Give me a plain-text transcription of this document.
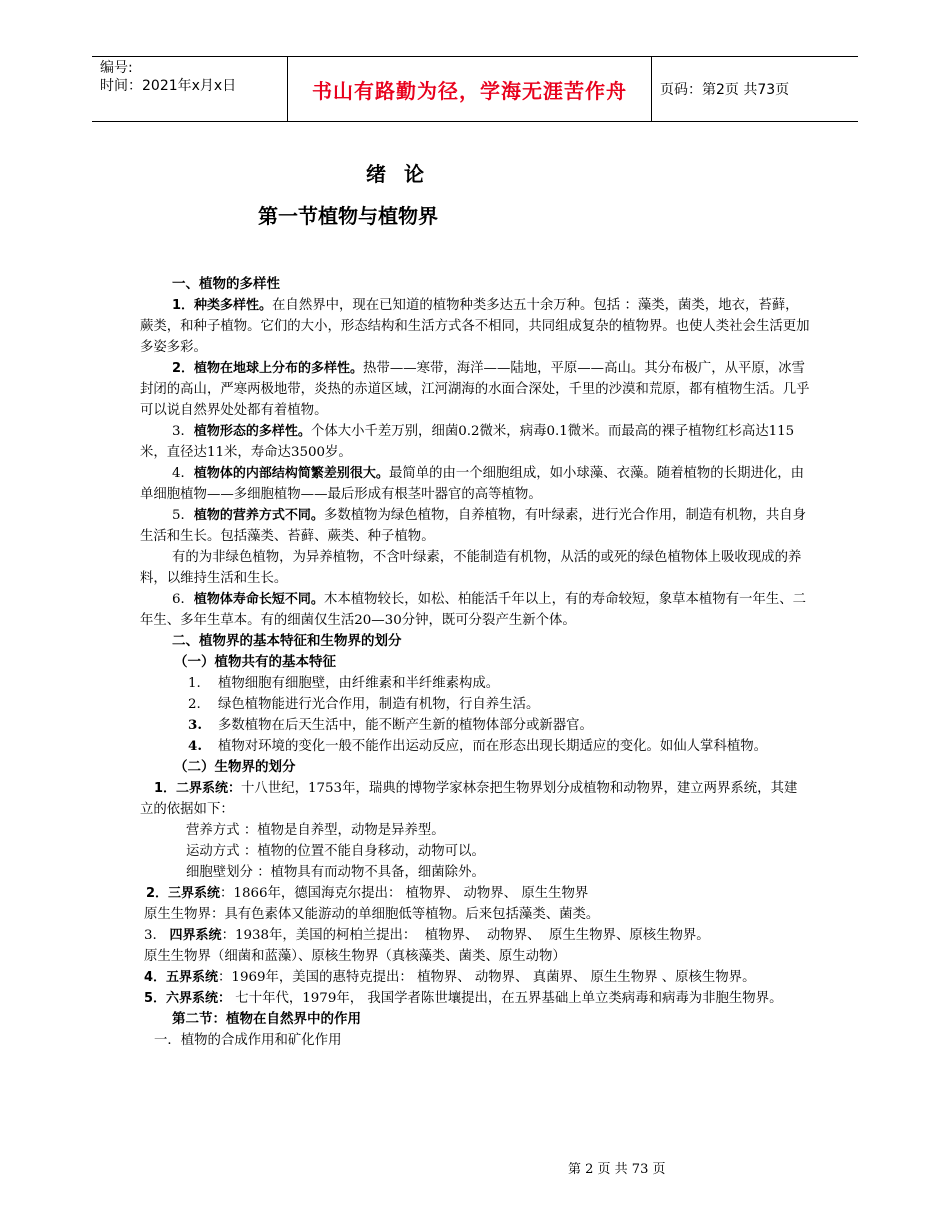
编号:
时间：2021年x月x日	书山有路勤为径，学海无涯苦作舟 页码：第2页 共73页
绪论
第一节植物与植物界

一、植物的多样性

1．种类多样性。在自然界中，现在已知道的植物种类多达五十余万种。包括 ：藻类，菌类，地衣，苔藓，蕨类，和种子植物。它们的大小，形态结构和生活方式各不相同，共同组成复杂的植物界。也使人类社会生活更加多姿多彩。

2．植物在地球上分布的多样性。热带——寒带，海洋——陆地，平原——高山。其分布极广，从平原，冰雪封闭的高山，严寒两极地带，炎热的赤道区域，江河湖海的水面合深处，千里的沙漠和荒原，都有植物生活。几乎可以说自然界处处都有着植物。

3．植物形态的多样性。个体大小千差万别，细菌0.2微米，病毒0.1微米。而最高的裸子植物红杉高达115米，直径达11米，寿命达3500岁。

4．植物体的内部结构简繁差别很大。最简单的由一个细胞组成，如小球藻、衣藻。随着植物的长期进化，由单细胞植物——多细胞植物——最后形成有根茎叶器官的高等植物。

5．植物的营养方式不同。多数植物为绿色植物，自养植物，有叶绿素，进行光合作用，制造有机物，共自身生活和生长。包括藻类、苔藓、蕨类、种子植物。

有的为非绿色植物，为异养植物，不含叶绿素，不能制造有机物，从活的或死的绿色植物体上吸收现成的养料，以维持生活和生长。

6．植物体寿命长短不同。木本植物较长，如松、柏能活千年以上，有的寿命较短，象草本植物有一年生、二年生、多年生草本。有的细菌仅生活20—30分钟，既可分裂产生新个体。

二、植物界的基本特征和生物界的划分

（一）植物共有的基本特征

1.	植物细胞有细胞壁，由纤维素和半纤维素构成。
2.	绿色植物能进行光合作用，制造有机物，行自养生活。
3.	多数植物在后天生活中，能不断产生新的植物体部分或新器官。
4.	植物对环境的变化一般不能作出运动反应，而在形态出现长期适应的变化。如仙人掌科植物。

（二）生物界的划分

1．二界系统：十八世纪，1753年，瑞典的博物学家林奈把生物界划分成植物和动物界，建立两界系统，其建立的依据如下：

营养方式 ：植物是自养型，动物是异养型。

运动方式 ：植物的位置不能自身移动，动物可以。

细胞壁划分 ：植物具有而动物不具备，细菌除外。

2．三界系统：1866年，德国海克尔提出： 植物界、 动物界、 原生生物界

原生生物界：具有色素体又能游动的单细胞低等植物。后来包括藻类、菌类。

3.   四界系统：1938年，美国的柯柏兰提出：  植物界、  动物界、  原生生物界、原核生物界。

原生生物界（细菌和蓝藻）、原核生物界（真核藻类、菌类、原生动物）

4．五界系统：1969年，美国的惠特克提出： 植物界、 动物界、 真菌界、 原生生物界 、原核生物界。

5．六界系统： 七十年代，1979年， 我国学者陈世壤提出，在五界基础上单立类病毒和病毒为非胞生物界。

第二节：植物在自然界中的作用

一．植物的合成作用和矿化作用

第 2 页 共 73 页
